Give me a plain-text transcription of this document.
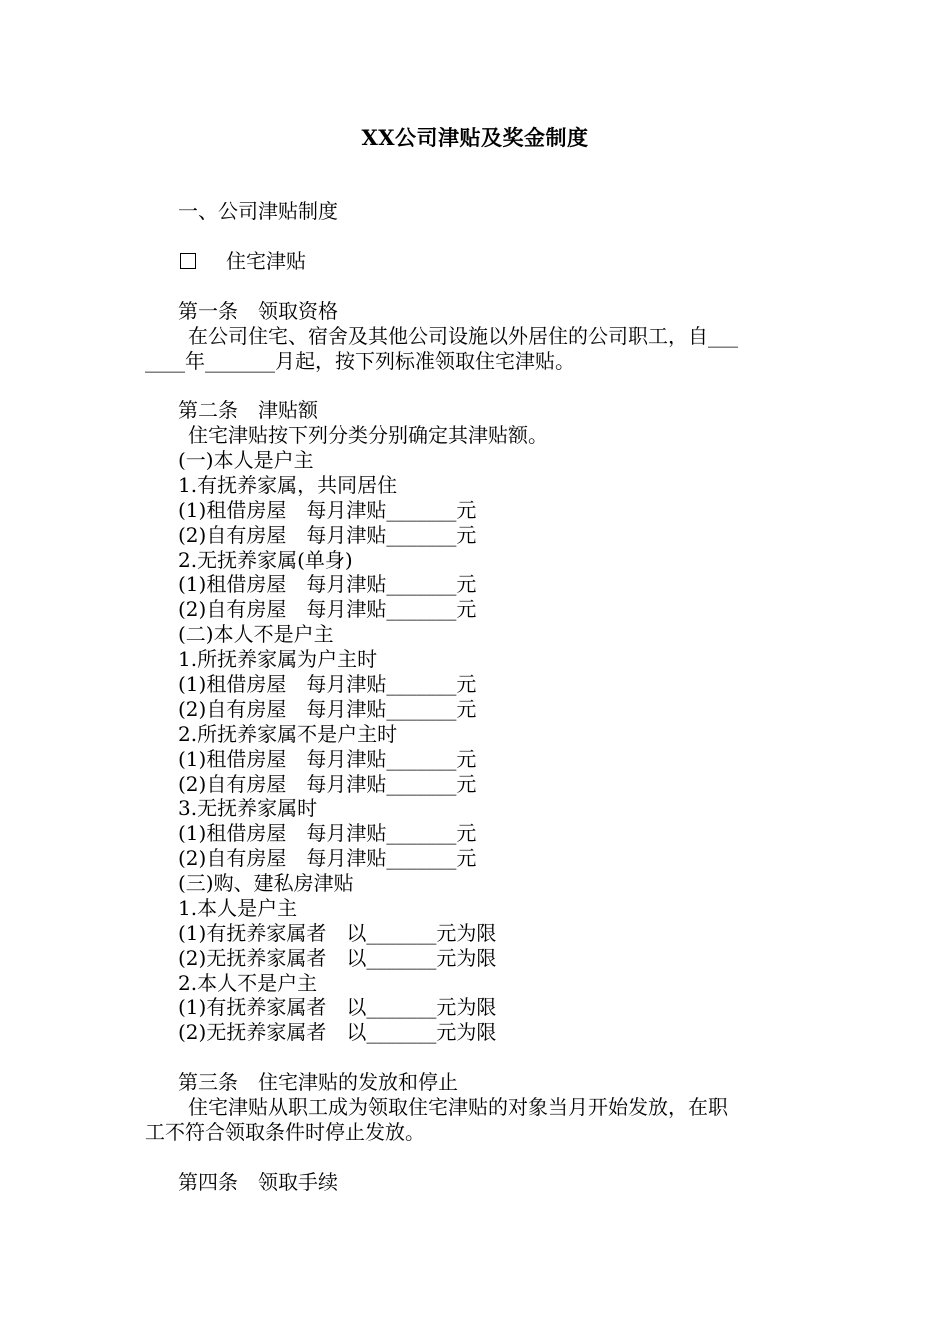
XX公司津贴及奖金制度
一、公司津贴制度
住宅津贴
第一条　领取资格
在公司住宅、宿舍及其他公司设施以外居住的公司职工，自___
____年_______月起，按下列标准领取住宅津贴。
第二条　津贴额
住宅津贴按下列分类分别确定其津贴额。
(一)本人是户主
1.有抚养家属，共同居住
(1)租借房屋　每月津贴_______元
(2)自有房屋　每月津贴_______元
2.无抚养家属(单身)
(1)租借房屋　每月津贴_______元
(2)自有房屋　每月津贴_______元
(二)本人不是户主
1.所抚养家属为户主时
(1)租借房屋　每月津贴_______元
(2)自有房屋　每月津贴_______元
2.所抚养家属不是户主时
(1)租借房屋　每月津贴_______元
(2)自有房屋　每月津贴_______元
3.无抚养家属时
(1)租借房屋　每月津贴_______元
(2)自有房屋　每月津贴_______元
(三)购、建私房津贴
1.本人是户主
(1)有抚养家属者　以_______元为限
(2)无抚养家属者　以_______元为限
2.本人不是户主
(1)有抚养家属者　以_______元为限
(2)无抚养家属者　以_______元为限
第三条　住宅津贴的发放和停止
住宅津贴从职工成为领取住宅津贴的对象当月开始发放，在职
工不符合领取条件时停止发放。
第四条　领取手续
